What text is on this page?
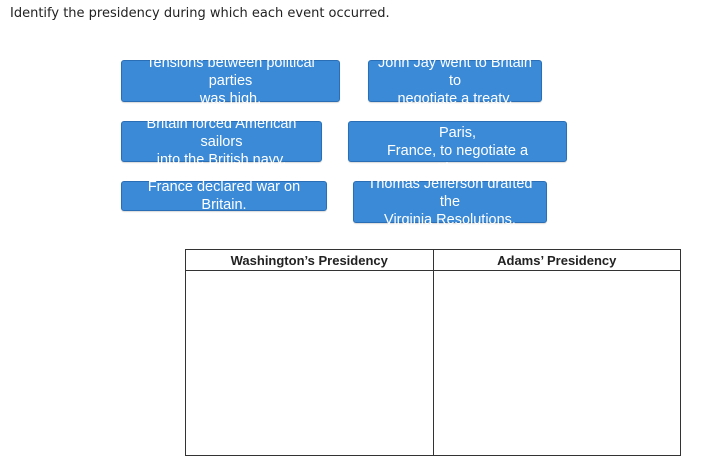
Identify the presidency during which each event occurred.
Tensions between political parties
was high.
John Jay went to Britain to
negotiate a treaty.
Britain forced American sailors
into the British navy.
Three officials were sent to Paris,
France, to negotiate a settlement.
France declared war on Britain.
Thomas Jefferson drafted the
Virginia Resolutions.
Washington’s Presidency	Adams’ Presidency
